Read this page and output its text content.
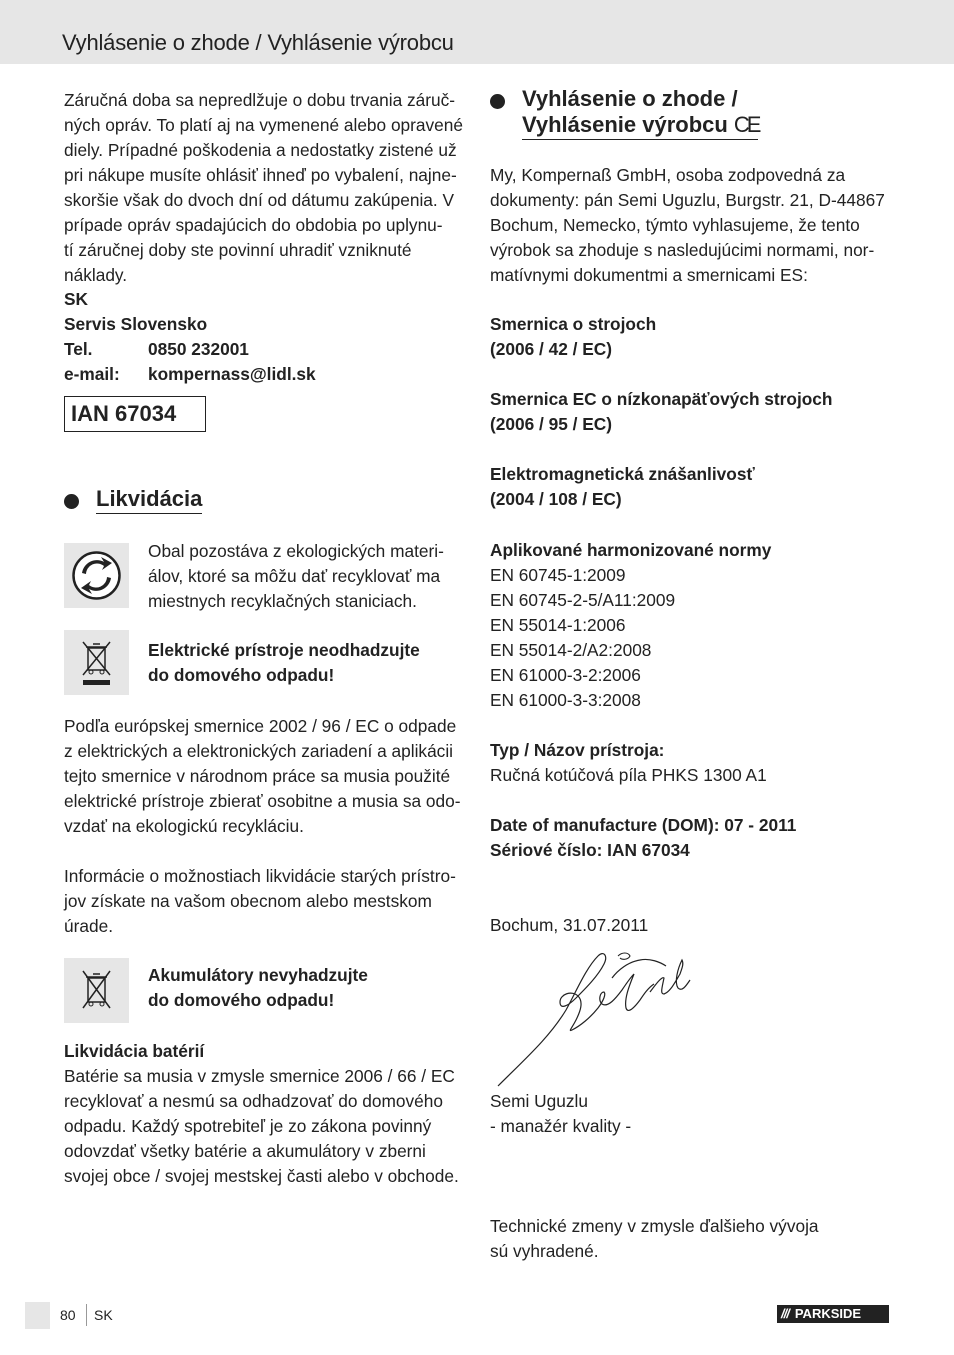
Vyhlásenie o zhode / Vyhlásenie výrobcu
Záručná doba sa nepredlžuje o dobu trvania záruč-
ných opráv. To platí aj na vymenené alebo opravené
diely. Prípadné poškodenia a nedostatky zistené už
pri nákupe musíte ohlásiť ihneď po vybalení, najne-
skoršie však do dvoch dní od dátumu zakúpenia. V
prípade opráv spadajúcich do obdobia po uplynu-
tí záručnej doby ste povinní uhradiť vzniknuté náklady.
SK
Servis Slovensko
Tel.	0850 232001
e-mail: kompernass@lidl.sk
IAN 67034
Likvidácia
Obal pozostáva z ekologických materi-
álov, ktoré sa môžu dať recyklovať ma
miestnych recyklačných staniciach.
Elektrické prístroje neodhadzujte
do domového odpadu!
Podľa európskej smernice 2002 / 96 / EC o odpade
z elektrických a elektronických zariadení a aplikácii
tejto smernice v národnom práce sa musia použité
elektrické prístroje zbierať osobitne a musia sa odo-
vzdať na ekologickú recykláciu.
Informácie o možnostiach likvidácie starých prístro-
jov získate na vašom obecnom alebo mestskom
úrade.
Akumulátory nevyhadzujte
do domového odpadu!
Likvidácia batérií
Batérie sa musia v zmysle smernice 2006 / 66 / EC
recyklovať a nesmú sa odhadzovať do domového
odpadu. Každý spotrebiteľ je zo zákona povinný
odovzdať všetky batérie a akumulátory v zberni
svojej obce / svojej mestskej časti alebo v obchode.
Vyhlásenie o zhode /
Vyhlásenie výrobcu CE
My, Kompernaß GmbH, osoba zodpovedná za
dokumenty: pán Semi Uguzlu, Burgstr. 21, D-44867
Bochum, Nemecko, týmto vyhlasujeme, že tento
výrobok sa zhoduje s nasledujúcimi normami, nor-
matívnymi dokumentmi a smernicami ES:
Smernica o strojoch
(2006 / 42 / EC)
Smernica EC o nízkonapäťových strojoch
(2006 / 95 / EC)
Elektromagnetická znášanlivosť
(2004 / 108 / EC)
Aplikované harmonizované normy
EN 60745-1:2009
EN 60745-2-5/A11:2009
EN 55014-1:2006
EN 55014-2/A2:2008
EN 61000-3-2:2006
EN 61000-3-3:2008
Typ / Názov prístroja:
Ručná kotúčová píla PHKS 1300 A1
Date of manufacture (DOM): 07 - 2011
Sériové číslo: IAN 67034
Bochum, 31.07.2011
Semi Uguzlu
- manažér kvality -
Technické zmeny v zmysle ďalšieho vývoja
sú vyhradené.
80 SK	/// PARKSIDE
